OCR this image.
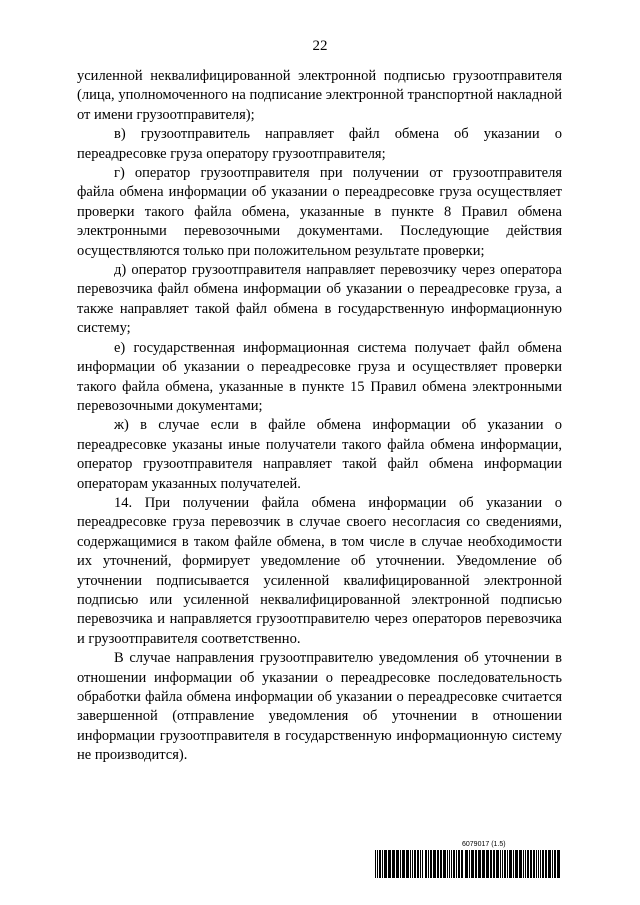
22

усиленной неквалифицированной электронной подписью грузоотправителя (лица, уполномоченного на подписание электронной транспортной накладной от имени грузоотправителя);

в) грузоотправитель направляет файл обмена об указании о переадресовке груза оператору грузоотправителя;

г) оператор грузоотправителя при получении от грузоотправителя файла обмена информации об указании о переадресовке груза осуществляет проверки такого файла обмена, указанные в пункте 8 Правил обмена электронными перевозочными документами. Последующие действия осуществляются только при положительном результате проверки;

д) оператор грузоотправителя направляет перевозчику через оператора перевозчика файл обмена информации об указании о переадресовке груза, а также направляет такой файл обмена в государственную информационную систему;

е) государственная информационная система получает файл обмена информации об указании о переадресовке груза и осуществляет проверки такого файла обмена, указанные в пункте 15 Правил обмена электронными перевозочными документами;

ж) в случае если в файле обмена информации об указании о переадресовке указаны иные получатели такого файла обмена информации, оператор грузоотправителя направляет такой файл обмена информации операторам указанных получателей.

14. При получении файла обмена информации об указании о переадресовке груза перевозчик в случае своего несогласия со сведениями, содержащимися в таком файле обмена, в том числе в случае необходимости их уточнений, формирует уведомление об уточнении. Уведомление об уточнении подписывается усиленной квалифицированной электронной подписью или усиленной неквалифицированной электронной подписью перевозчика и направляется грузоотправителю через операторов перевозчика и грузоотправителя соответственно.

В случае направления грузоотправителю уведомления об уточнении в отношении информации об указании о переадресовке последовательность обработки файла обмена информации об указании о переадресовке считается завершенной (отправление уведомления об уточнении в отношении информации грузоотправителя в государственную информационную систему не производится).

6079017 (1.5)
